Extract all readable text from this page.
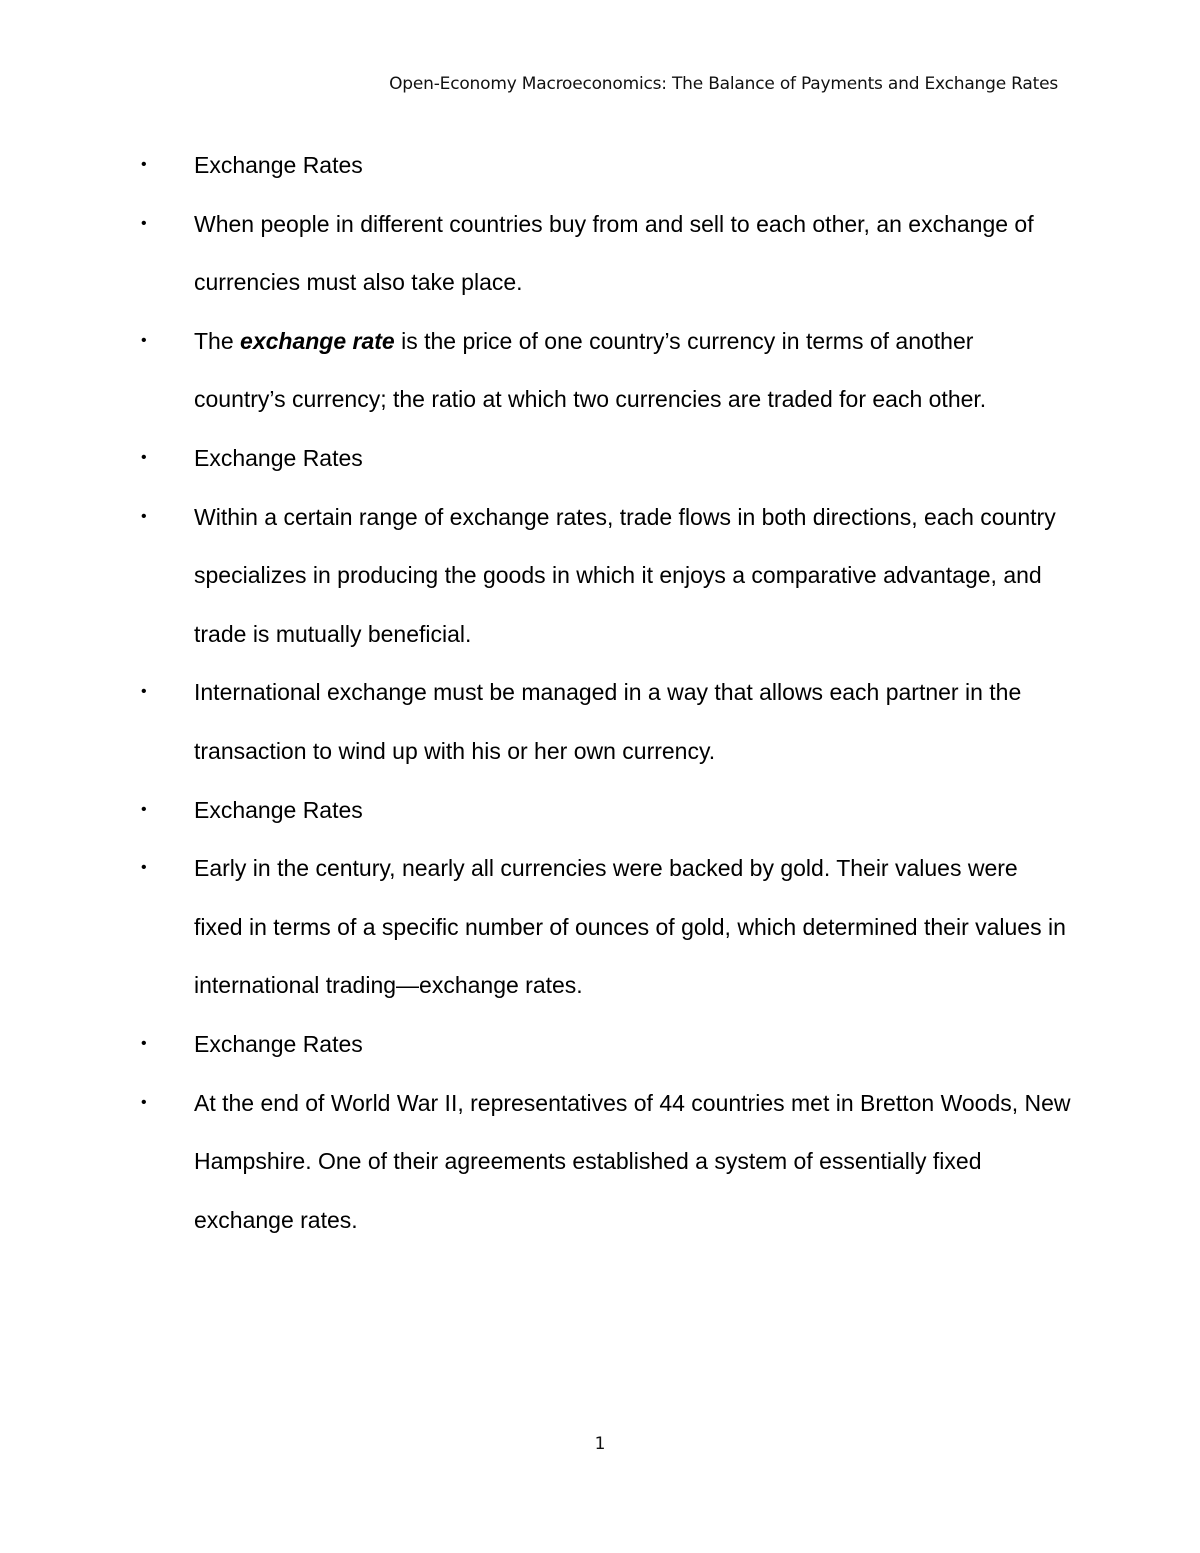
Open-Economy Macroeconomics: The Balance of Payments and Exchange Rates
• Exchange Rates
• When people in different countries buy from and sell to each other, an exchange of currencies must also take place.
• The exchange rate is the price of one country’s currency in terms of another country’s currency; the ratio at which two currencies are traded for each other.
• Exchange Rates
• Within a certain range of exchange rates, trade flows in both directions, each country specializes in producing the goods in which it enjoys a comparative advantage, and trade is mutually beneficial.
• International exchange must be managed in a way that allows each partner in the transaction to wind up with his or her own currency.
• Exchange Rates
• Early in the century, nearly all currencies were backed by gold. Their values were fixed in terms of a specific number of ounces of gold, which determined their values in international trading—exchange rates.
• Exchange Rates
• At the end of World War II, representatives of 44 countries met in Bretton Woods, New Hampshire. One of their agreements established a system of essentially fixed exchange rates.
1
